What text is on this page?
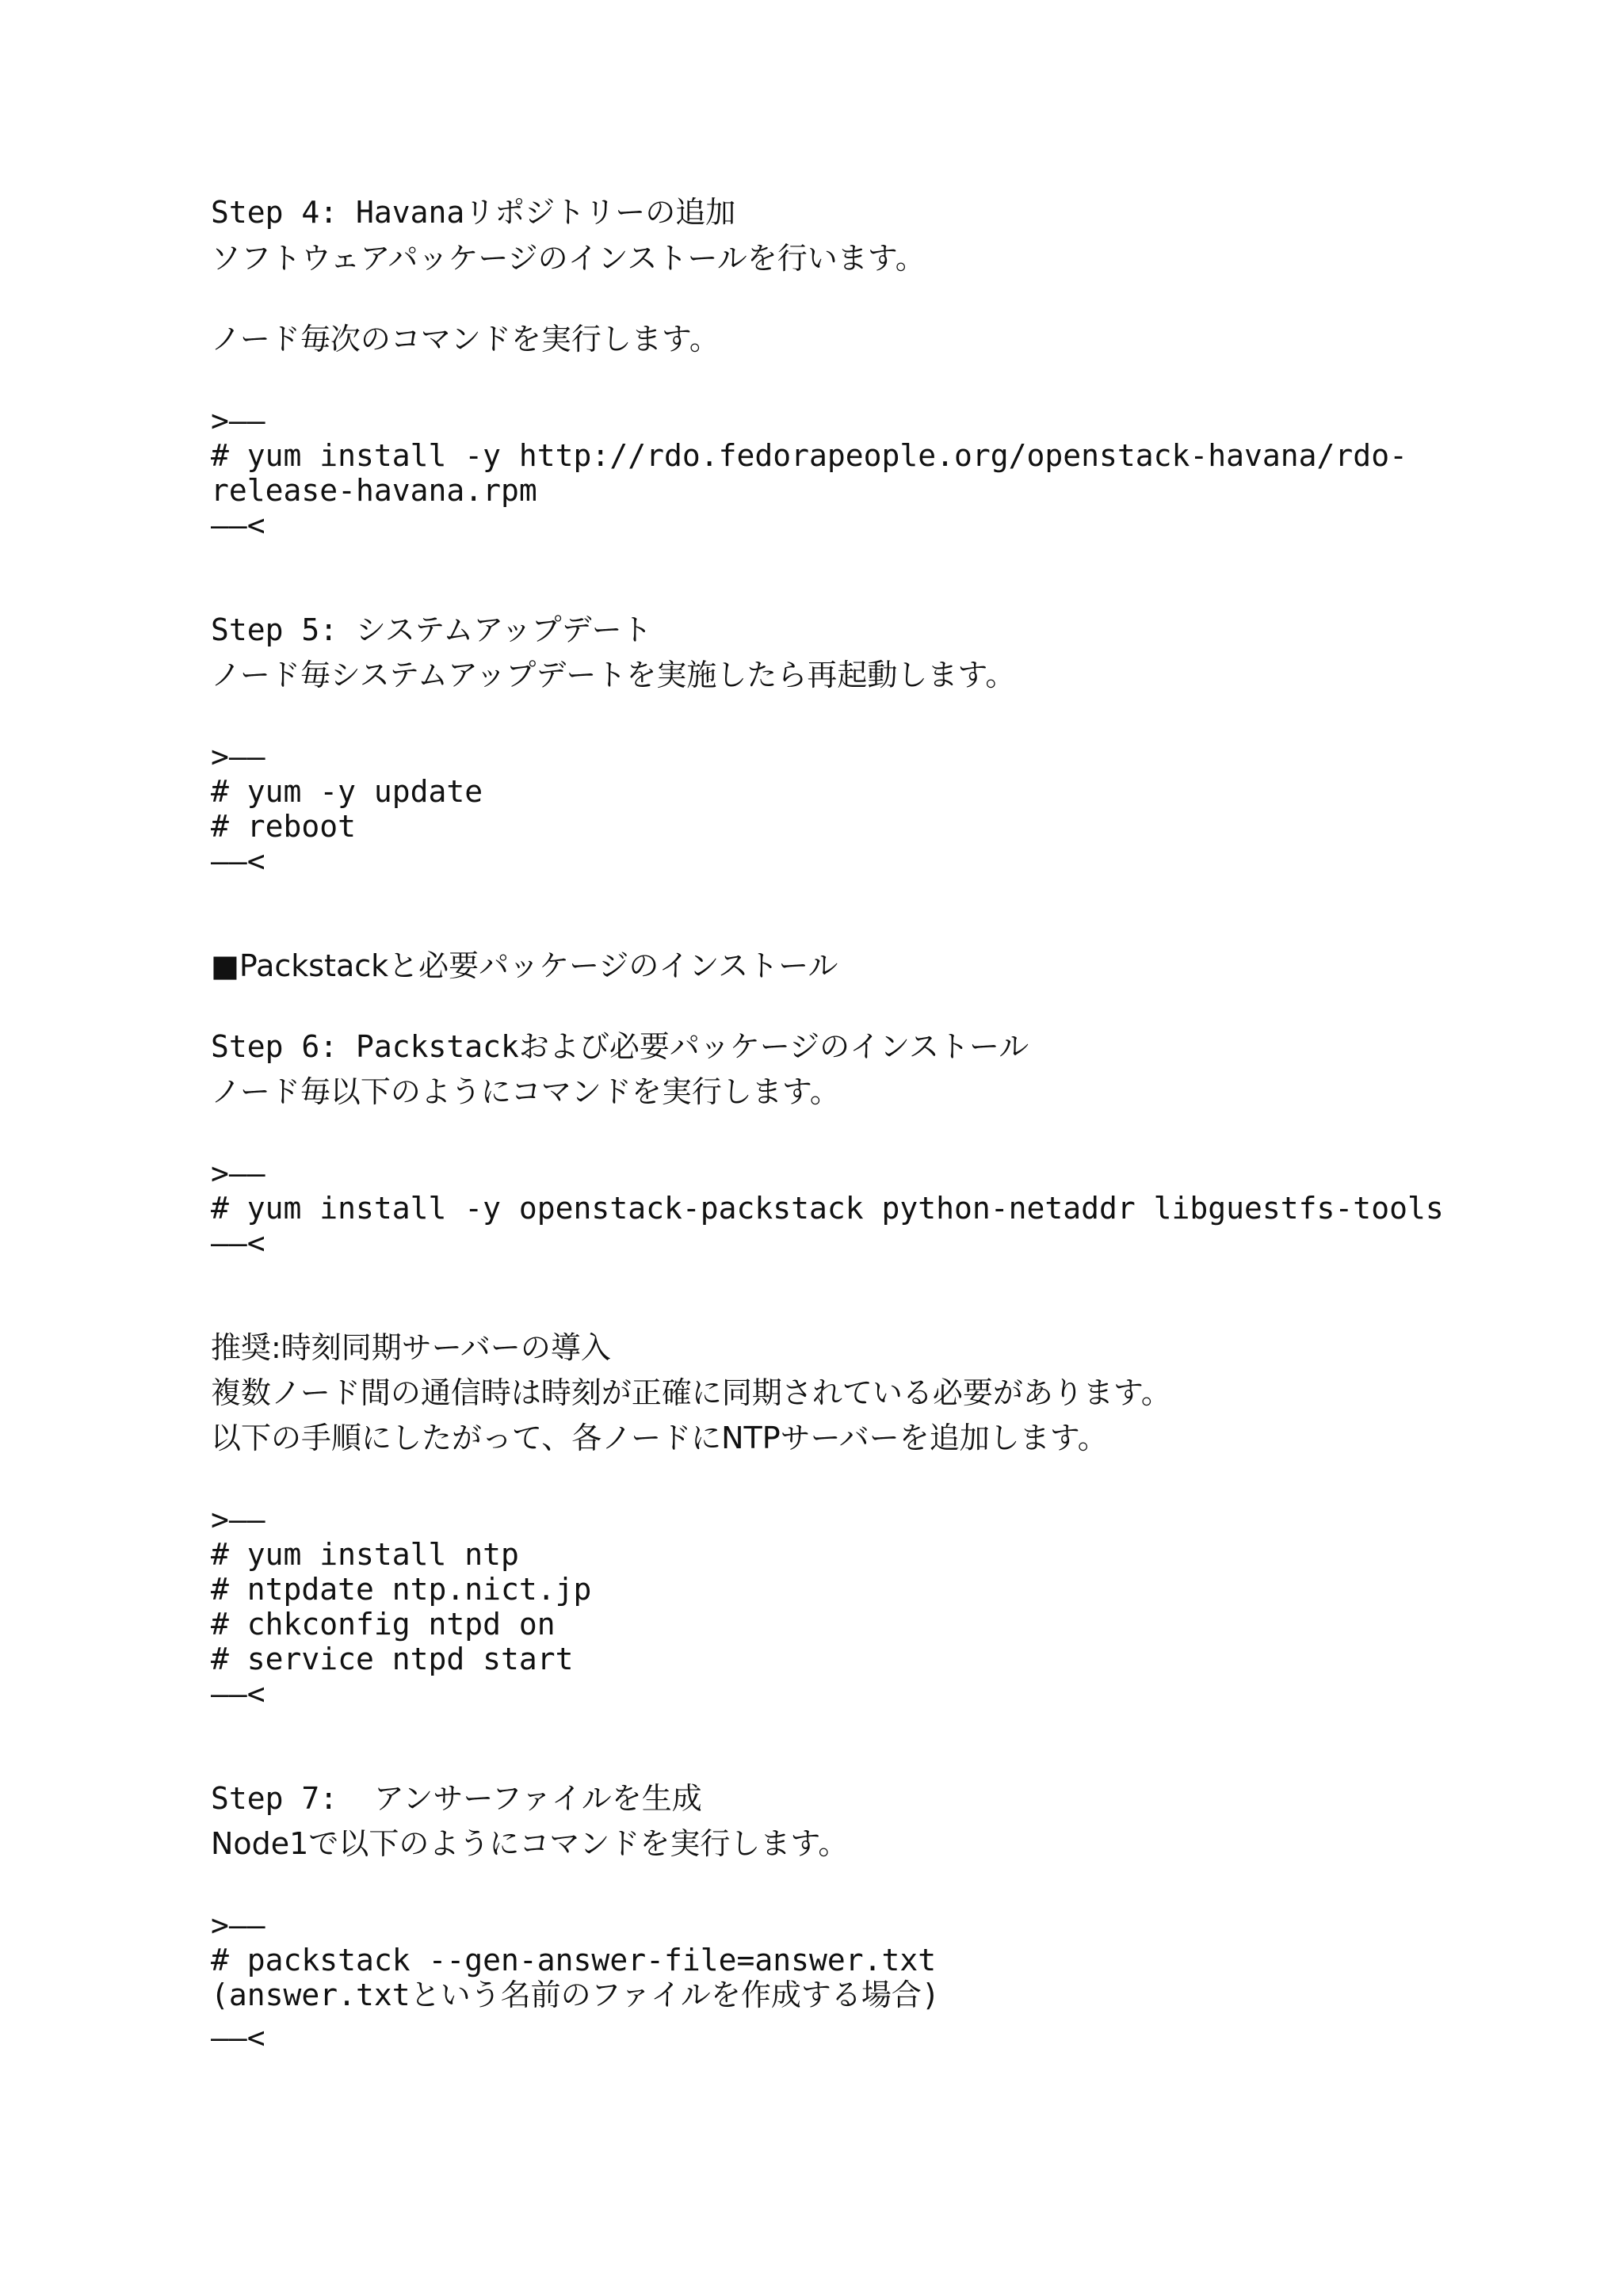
Step 4: Havanaリポジトリーの追加
ソフトウェアパッケージのインストールを行います。
ノード毎次のコマンドを実行します。
>––
# yum install -y http://rdo.fedorapeople.org/openstack-havana/rdo-
release-havana.rpm
––<
Step 5: システムアップデート
ノード毎システムアップデートを実施したら再起動します。
>––
# yum -y update
# reboot
––<
■Packstackと必要パッケージのインストール
Step 6: Packstackおよび必要パッケージのインストール
ノード毎以下のようにコマンドを実行します。
>––
# yum install -y openstack-packstack python-netaddr libguestfs-tools
––<
推奨:時刻同期サーバーの導入
複数ノード間の通信時は時刻が正確に同期されている必要があります。
以下の手順にしたがって、各ノードにNTPサーバーを追加します。
>––
# yum install ntp
# ntpdate ntp.nict.jp
# chkconfig ntpd on
# service ntpd start
––<
Step 7:  アンサーファイルを生成
Node1で以下のようにコマンドを実行します。
>––
# packstack --gen-answer-file=answer.txt
(answer.txtという名前のファイルを作成する場合)
––<
